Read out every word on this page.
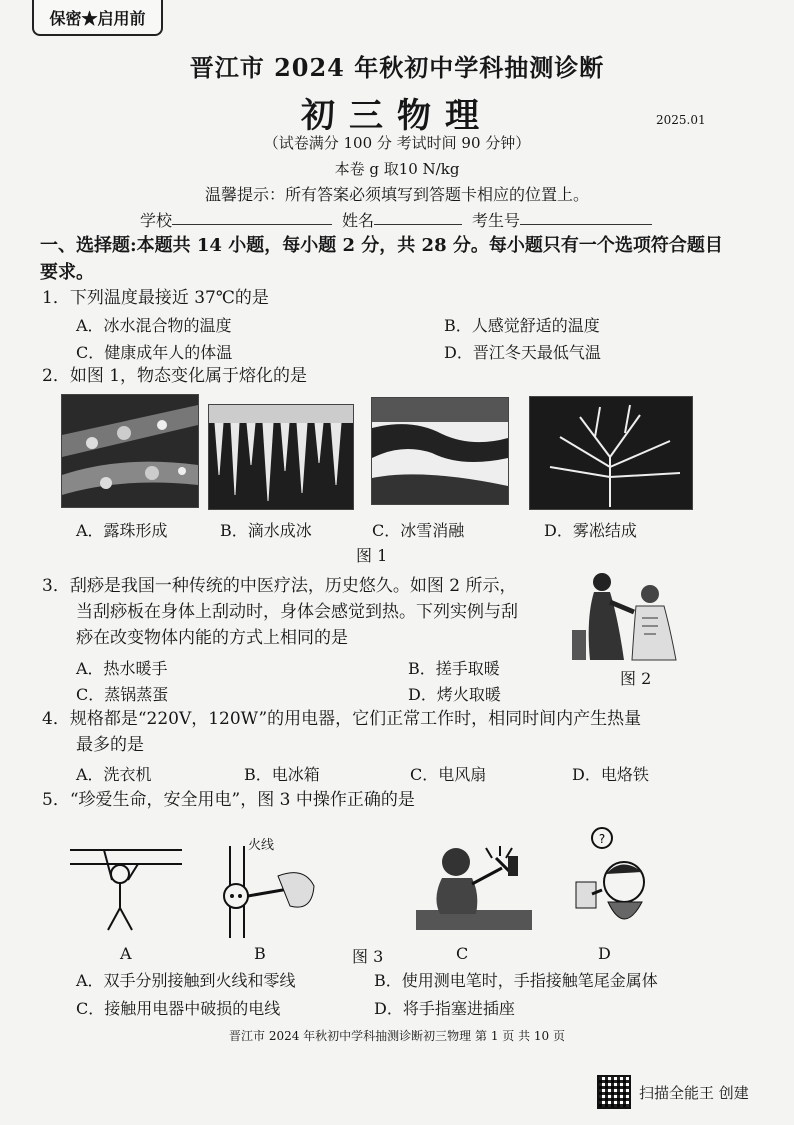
保密★启用前
晋江市 2024 年秋初中学科抽测诊断
初三物理	2025.01
（试卷满分 100 分 考试时间 90 分钟）
本卷 g 取10 N/kg
温馨提示：所有答案必须填写到答题卡相应的位置上。
学校	姓名	考生号
一、选择题:本题共 14 小题，每小题 2 分，共 28 分。每小题只有一个选项符合题目要求。
1．下列温度最接近 37℃的是
A．冰水混合物的温度	B．人感觉舒适的温度
C．健康成年人的体温	D．晋江冬天最低气温
2．如图 1，物态变化属于熔化的是
A．露珠形成	B．滴水成冰	C．冰雪消融	D．雾凇结成
图 1
3．刮痧是我国一种传统的中医疗法，历史悠久。如图 2 所示，
当刮痧板在身体上刮动时，身体会感觉到热。下列实例与刮
痧在改变物体内能的方式上相同的是
A．热水暖手	B．搓手取暖
C．蒸锅蒸蛋	D．烤火取暖
图 2
4．规格都是“220V，120W”的用电器，它们正常工作时，相同时间内产生热量
最多的是
A．洗衣机	B．电冰箱	C．电风扇	D．电烙铁
5．“珍爱生命，安全用电”，图 3 中操作正确的是
火线	?
A	B	图 3	C	D
A．双手分别接触到火线和零线	B．使用测电笔时，手指接触笔尾金属体
C．接触用电器中破损的电线	D．将手指塞进插座
晋江市 2024 年秋初中学科抽测诊断初三物理 第 1 页 共 10 页
扫描全能王 创建
